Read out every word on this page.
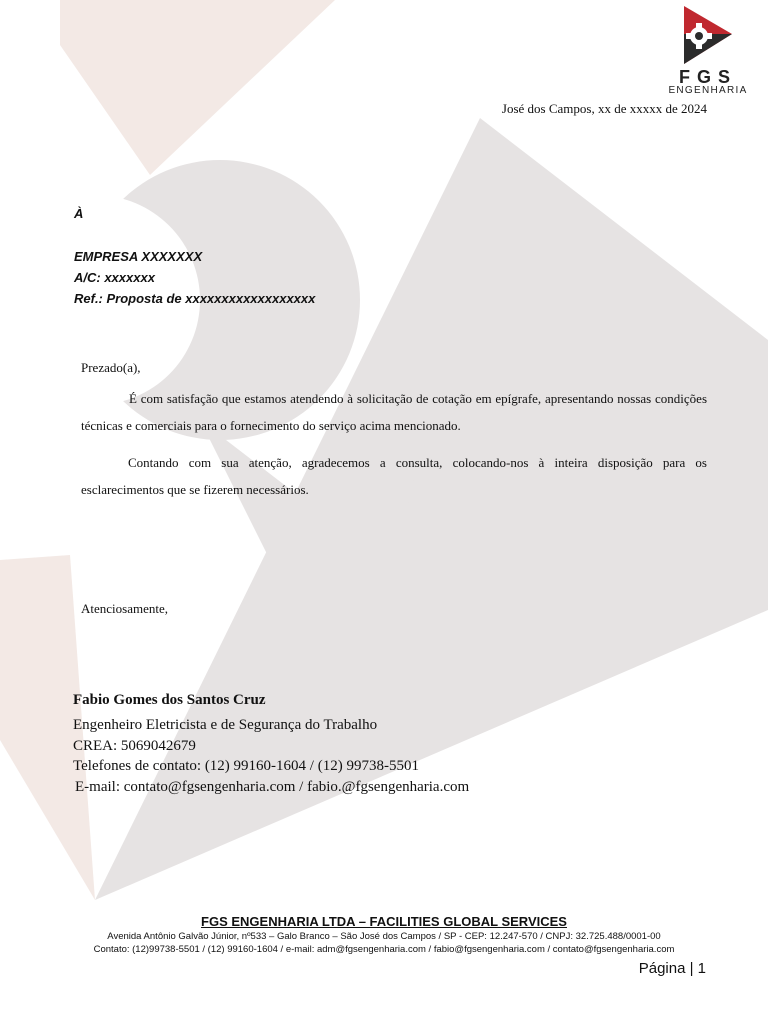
FGS
ENGENHARIA
José dos Campos, xx de xxxxx de 2024
À
EMPRESA XXXXXXX
A/C: xxxxxxx
Ref.: Proposta de xxxxxxxxxxxxxxxxxx
Prezado(a),
É com satisfação que estamos atendendo à solicitação de cotação em epígrafe, apresentando nossas condições técnicas e comerciais para o fornecimento do serviço acima mencionado.
Contando com sua atenção, agradecemos a consulta, colocando-nos à inteira disposição para os esclarecimentos que se fizerem necessários.
Atenciosamente,
Fabio Gomes dos Santos Cruz
Engenheiro Eletricista e de Segurança do Trabalho
CREA: 5069042679
Telefones de contato: (12) 99160-1604 / (12) 99738-5501
E-mail: contato@fgsengenharia.com / fabio.@fgsengenharia.com
FGS ENGENHARIA LTDA – FACILITIES GLOBAL SERVICES
Avenida Antônio Galvão Júnior, nº533 – Galo Branco – São José dos Campos / SP - CEP: 12.247-570 / CNPJ: 32.725.488/0001-00
Contato: (12)99738-5501 / (12) 99160-1604 / e-mail: adm@fgsengenharia.com / fabio@fgsengenharia.com / contato@fgsengenharia.com
Página | 1
